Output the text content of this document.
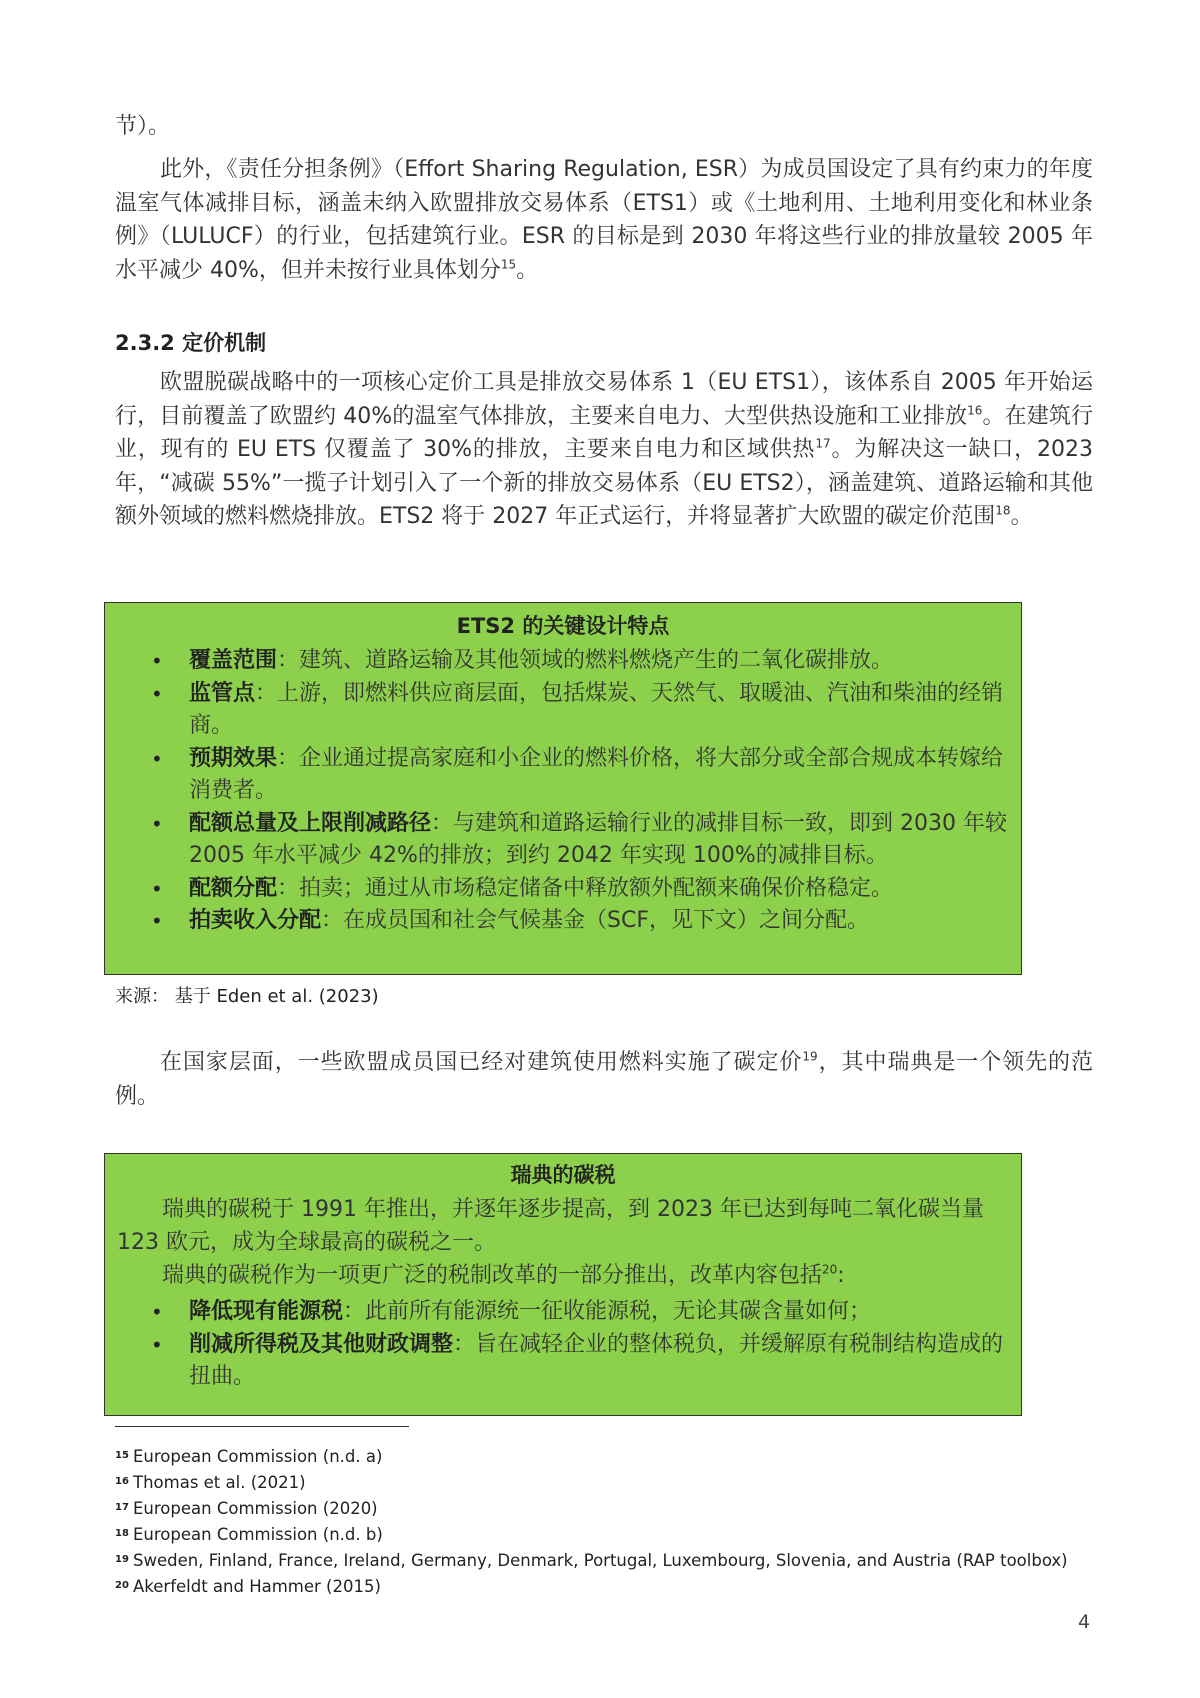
节）。

此外，《责任分担条例》（Effort Sharing Regulation, ESR）为成员国设定了具有约束力的年度温室气体减排目标，涵盖未纳入欧盟排放交易体系（ETS1）或《土地利用、土地利用变化和林业条例》（LULUCF）的行业，包括建筑行业。ESR 的目标是到 2030 年将这些行业的排放量较 2005 年水平减少 40%，但并未按行业具体划分$^{15}$。

2.3.2 定价机制

欧盟脱碳战略中的一项核心定价工具是排放交易体系 1（EU ETS1），该体系自 2005 年开始运行，目前覆盖了欧盟约 40%的温室气体排放，主要来自电力、大型供热设施和工业排放$^{16}$。在建筑行业，现有的 EU ETS 仅覆盖了 30%的排放，主要来自电力和区域供热$^{17}$。为解决这一缺口，2023 年，“减碳 55%”一揽子计划引入了一个新的排放交易体系（EU ETS2），涵盖建筑、道路运输和其他额外领域的燃料燃烧排放。ETS2 将于 2027 年正式运行，并将显著扩大欧盟的碳定价范围$^{18}$。

ETS2 的关键设计特点
• 覆盖范围：建筑、道路运输及其他领域的燃料燃烧产生的二氧化碳排放。
• 监管点：上游，即燃料供应商层面，包括煤炭、天然气、取暖油、汽油和柴油的经销商。
• 预期效果：企业通过提高家庭和小企业的燃料价格，将大部分或全部合规成本转嫁给消费者。
• 配额总量及上限削减路径：与建筑和道路运输行业的减排目标一致，即到 2030 年较 2005 年水平减少 42%的排放；到约 2042 年实现 100%的减排目标。
• 配额分配：拍卖；通过从市场稳定储备中释放额外配额来确保价格稳定。
• 拍卖收入分配：在成员国和社会气候基金（SCF，见下文）之间分配。
来源： 基于 Eden et al. (2023)

在国家层面，一些欧盟成员国已经对建筑使用燃料实施了碳定价$^{19}$，其中瑞典是一个领先的范例。

瑞典的碳税

瑞典的碳税于 1991 年推出，并逐年逐步提高，到 2023 年已达到每吨二氧化碳当量 123 欧元，成为全球最高的碳税之一。

瑞典的碳税作为一项更广泛的税制改革的一部分推出，改革内容包括$^{20}$:

• 降低现有能源税：此前所有能源统一征收能源税，无论其碳含量如何；
• 削减所得税及其他财政调整：旨在减轻企业的整体税负，并缓解原有税制结构造成的扭曲。
15 European Commission (n.d. a)
16 Thomas et al. (2021)
17 European Commission (2020)
18 European Commission (n.d. b)
19 Sweden, Finland, France, Ireland, Germany, Denmark, Portugal, Luxembourg, Slovenia, and Austria (RAP toolbox)
20 Akerfeldt and Hammer (2015)
4
